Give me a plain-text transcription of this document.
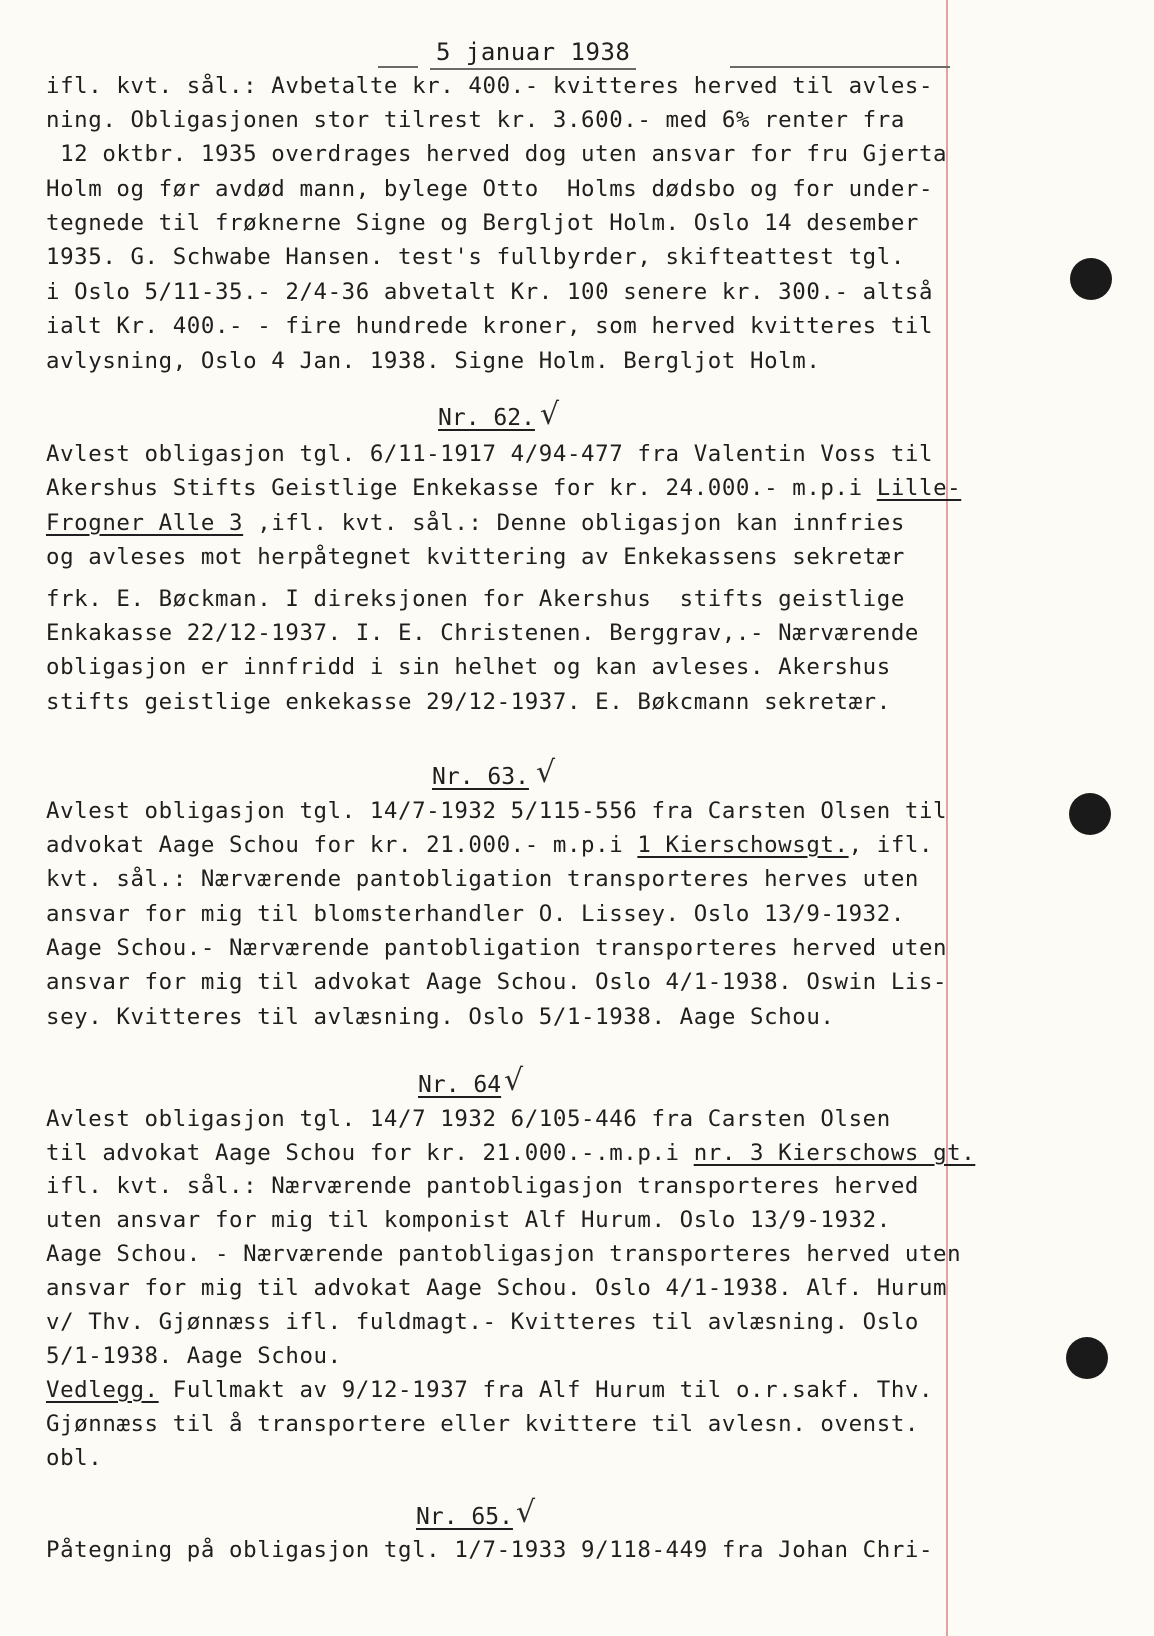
5 januar 1938
ifl. kvt. sål.: Avbetalte kr. 400.- kvitteres herved til avles-
ning. Obligasjonen stor tilrest kr. 3.600.- med 6% renter fra
12 oktbr. 1935 overdrages herved dog uten ansvar for fru Gjerta
Holm og før avdød mann, bylege Otto  Holms dødsbo og for under-
tegnede til frøknerne Signe og Bergljot Holm. Oslo 14 desember
1935. G. Schwabe Hansen. test's fullbyrder, skifteattest tgl.
i Oslo 5/11-35.- 2/4-36 abvetalt Kr. 100 senere kr. 300.- altså
ialt Kr. 400.- - fire hundrede kroner, som herved kvitteres til
avlysning, Oslo 4 Jan. 1938. Signe Holm. Bergljot Holm.
Nr. 62. √
Avlest obligasjon tgl. 6/11-1917 4/94-477 fra Valentin Voss til
Akershus Stifts Geistlige Enkekasse for kr. 24.000.- m.p.i Lille-
Frogner Alle 3 ,ifl. kvt. sål.: Denne obligasjon kan innfries
og avleses mot herpåtegnet kvittering av Enkekassens sekretær
frk. E. Bøckman. I direksjonen for Akershus  stifts geistlige
Enkakasse 22/12-1937. I. E. Christenen. Berggrav,.- Nærværende
obligasjon er innfridd i sin helhet og kan avleses. Akershus
stifts geistlige enkekasse 29/12-1937. E. Bøkcmann sekretær.
Nr. 63. √
Avlest obligasjon tgl. 14/7-1932 5/115-556 fra Carsten Olsen til
advokat Aage Schou for kr. 21.000.- m.p.i 1 Kierschowsgt., ifl.
kvt. sål.: Nærværende pantobligation transporteres herves uten
ansvar for mig til blomsterhandler O. Lissey. Oslo 13/9-1932.
Aage Schou.- Nærværende pantobligation transporteres herved uten
ansvar for mig til advokat Aage Schou. Oslo 4/1-1938. Oswin Lis-
sey. Kvitteres til avlæsning. Oslo 5/1-1938. Aage Schou.
Nr. 64 √
Avlest obligasjon tgl. 14/7 1932 6/105-446 fra Carsten Olsen
til advokat Aage Schou for kr. 21.000.-.m.p.i nr. 3 Kierschows gt.
ifl. kvt. sål.: Nærværende pantobligasjon transporteres herved
uten ansvar for mig til komponist Alf Hurum. Oslo 13/9-1932.
Aage Schou. - Nærværende pantobligasjon transporteres herved uten
ansvar for mig til advokat Aage Schou. Oslo 4/1-1938. Alf. Hurum
v/ Thv. Gjønnæss ifl. fuldmagt.- Kvitteres til avlæsning. Oslo
5/1-1938. Aage Schou.
Vedlegg. Fullmakt av 9/12-1937 fra Alf Hurum til o.r.sakf. Thv.
Gjønnæss til å transportere eller kvittere til avlesn. ovenst.
obl.
Nr. 65. √
Påtegning på obligasjon tgl. 1/7-1933 9/118-449 fra Johan Chri-
